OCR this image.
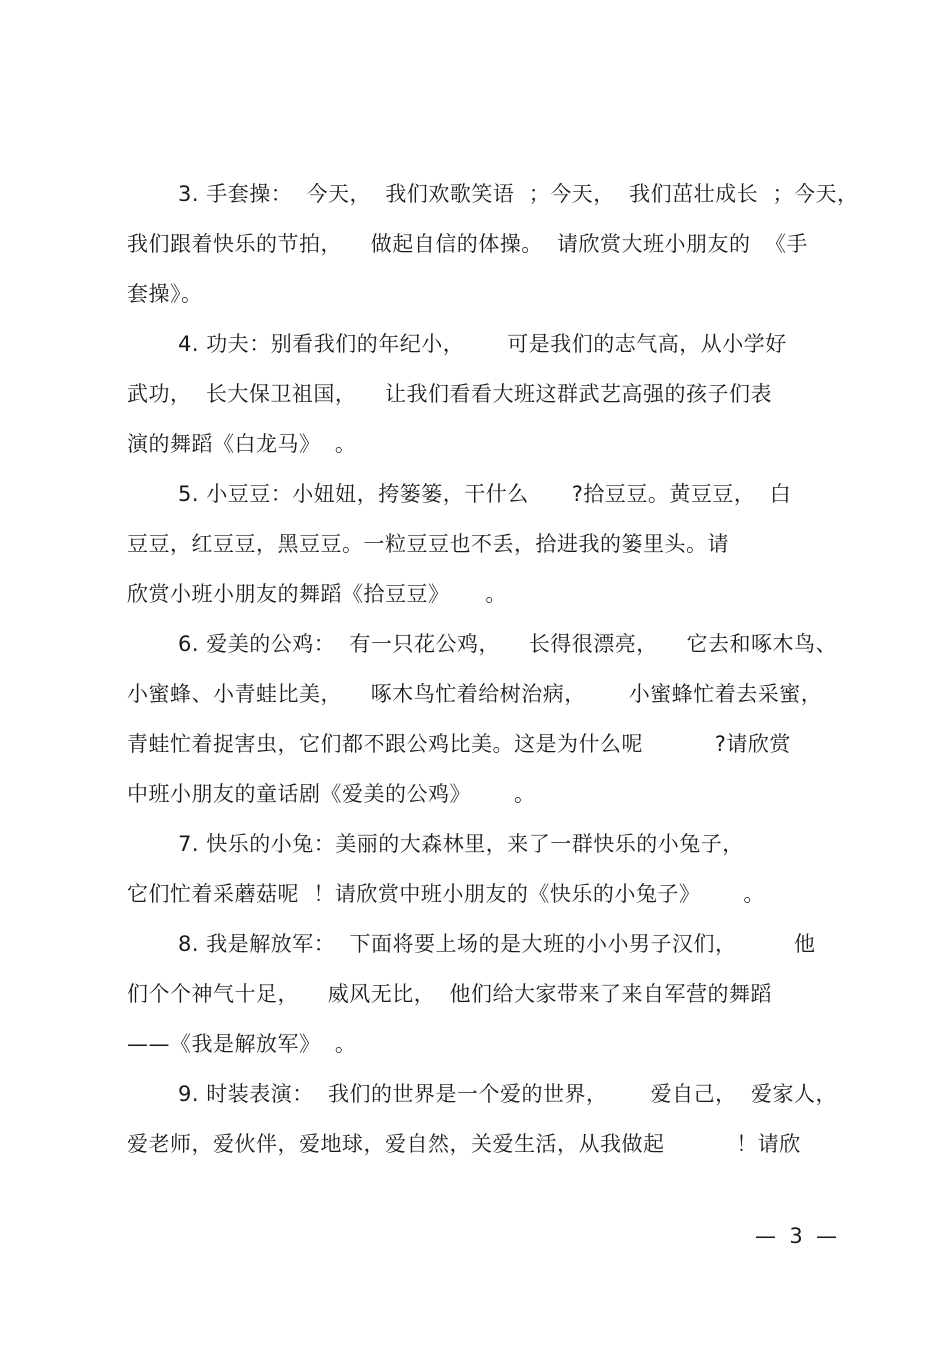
3. 手套操：  今天，  我们欢歌笑语  ；今天，  我们茁壮成长  ；今天，
我们跟着快乐的节拍，    做起自信的体操。  请欣赏大班小朋友的  《手
套操》。
4. 功夫：别看我们的年纪小，      可是我们的志气高，从小学好
武功，  长大保卫祖国，    让我们看看大班这群武艺高强的孩子们表
演的舞蹈《白龙马》  。
5. 小豆豆：小妞妞，挎篓篓，干什么      ?拾豆豆。黄豆豆，  白
豆豆，红豆豆，黑豆豆。一粒豆豆也不丢，拾进我的篓里头。请
欣赏小班小朋友的舞蹈《拾豆豆》     。
6. 爱美的公鸡：  有一只花公鸡，    长得很漂亮，    它去和啄木鸟、
小蜜蜂、小青蛙比美，    啄木鸟忙着给树治病，      小蜜蜂忙着去采蜜，
青蛙忙着捉害虫，它们都不跟公鸡比美。这是为什么呢          ?请欣赏
中班小朋友的童话剧《爱美的公鸡》      。
7. 快乐的小兔：美丽的大森林里，来了一群快乐的小兔子，
它们忙着采蘑菇呢  ！请欣赏中班小朋友的《快乐的小兔子》      。
8. 我是解放军：  下面将要上场的是大班的小小男子汉们，        他
们个个神气十足，    威风无比，  他们给大家带来了来自军营的舞蹈
——《我是解放军》  。
9. 时装表演：  我们的世界是一个爱的世界，      爱自己，  爱家人，
爱老师，爱伙伴，爱地球，爱自然，关爱生活，从我做起          ！请欣
—  3  —
